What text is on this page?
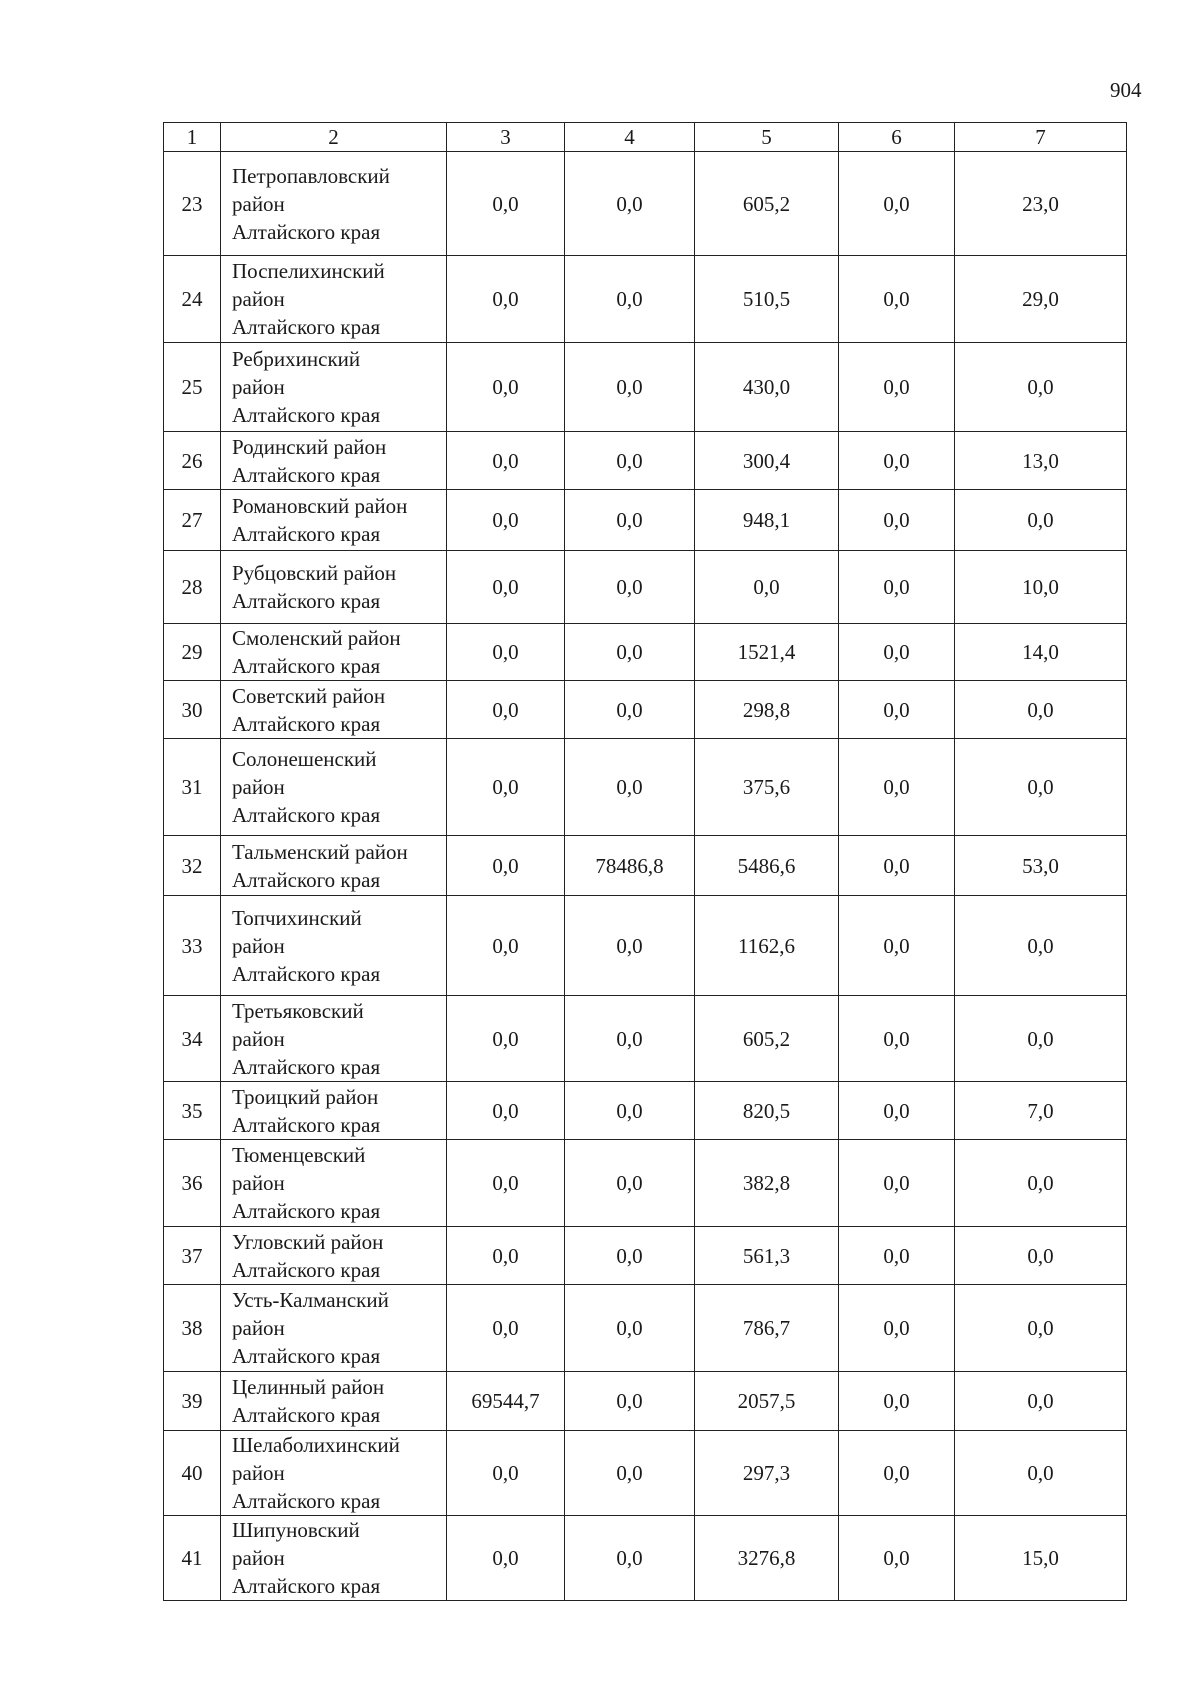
904
1	2	3	4	5	6	7
23	Петропавловский
район
Алтайского края	0,0	0,0	605,2	0,0	23,0
24	Поспелихинский
район
Алтайского края	0,0	0,0	510,5	0,0	29,0
25	Ребрихинский
район
Алтайского края	0,0	0,0	430,0	0,0	0,0
26	Родинский район
Алтайского края	0,0	0,0	300,4	0,0	13,0
27	Романовский район
Алтайского края	0,0	0,0	948,1	0,0	0,0
28	Рубцовский район
Алтайского края	0,0	0,0	0,0	0,0	10,0
29	Смоленский район
Алтайского края	0,0	0,0	1521,4	0,0	14,0
30	Советский район
Алтайского края	0,0	0,0	298,8	0,0	0,0
31	Солонешенский
район
Алтайского края	0,0	0,0	375,6	0,0	0,0
32	Тальменский район
Алтайского края	0,0	78486,8	5486,6	0,0	53,0
33	Топчихинский
район
Алтайского края	0,0	0,0	1162,6	0,0	0,0
34	Третьяковский
район
Алтайского края	0,0	0,0	605,2	0,0	0,0
35	Троицкий район
Алтайского края	0,0	0,0	820,5	0,0	7,0
36	Тюменцевский
район
Алтайского края	0,0	0,0	382,8	0,0	0,0
37	Угловский район
Алтайского края	0,0	0,0	561,3	0,0	0,0
38	Усть-Калманский
район
Алтайского края	0,0	0,0	786,7	0,0	0,0
39	Целинный район
Алтайского края	69544,7	0,0	2057,5	0,0	0,0
40	Шелаболихинский
район
Алтайского края	0,0	0,0	297,3	0,0	0,0
41	Шипуновский
район
Алтайского края	0,0	0,0	3276,8	0,0	15,0
